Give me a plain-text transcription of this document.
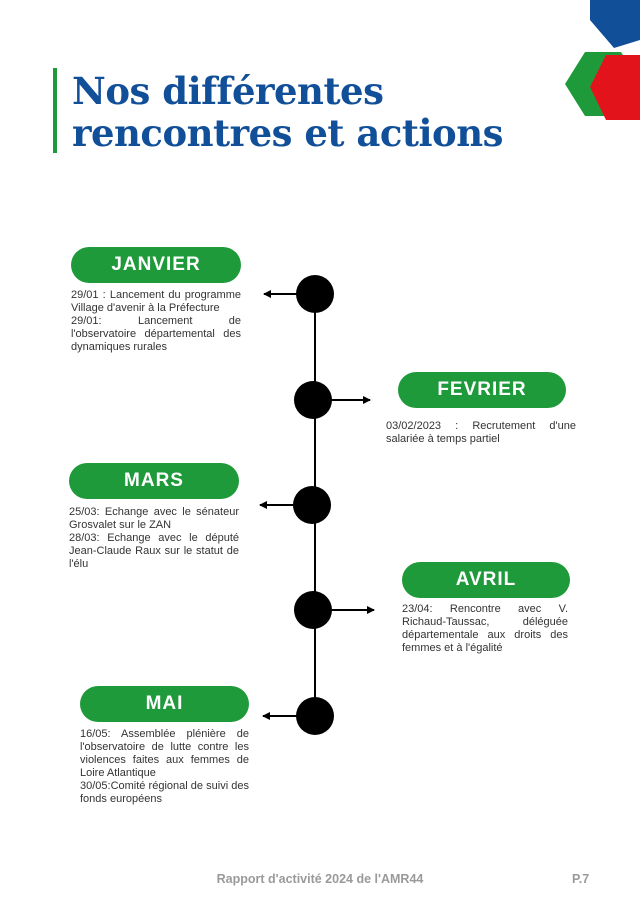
Nos différentes
rencontres et actions
JANVIER

29/01 : Lancement du programme Village d'avenir à la Préfecture

29/01: Lancement de l'observatoire départemental des dynamiques rurales

FEVRIER

03/02/2023 : Recrutement d'une salariée à temps partiel

MARS

25/03: Echange avec le sénateur Grosvalet sur le ZAN

28/03: Echange avec le député Jean-Claude Raux sur le statut de l'élu

AVRIL

23/04: Rencontre avec V. Richaud-Taussac, déléguée départementale aux droits des femmes et à l'égalité

MAI

16/05: Assemblée plénière de l'observatoire de lutte contre les violences faites aux femmes de Loire Atlantique

30/05:Comité régional de suivi des fonds européens

Rapport d'activité 2024 de l'AMR44	P.7
